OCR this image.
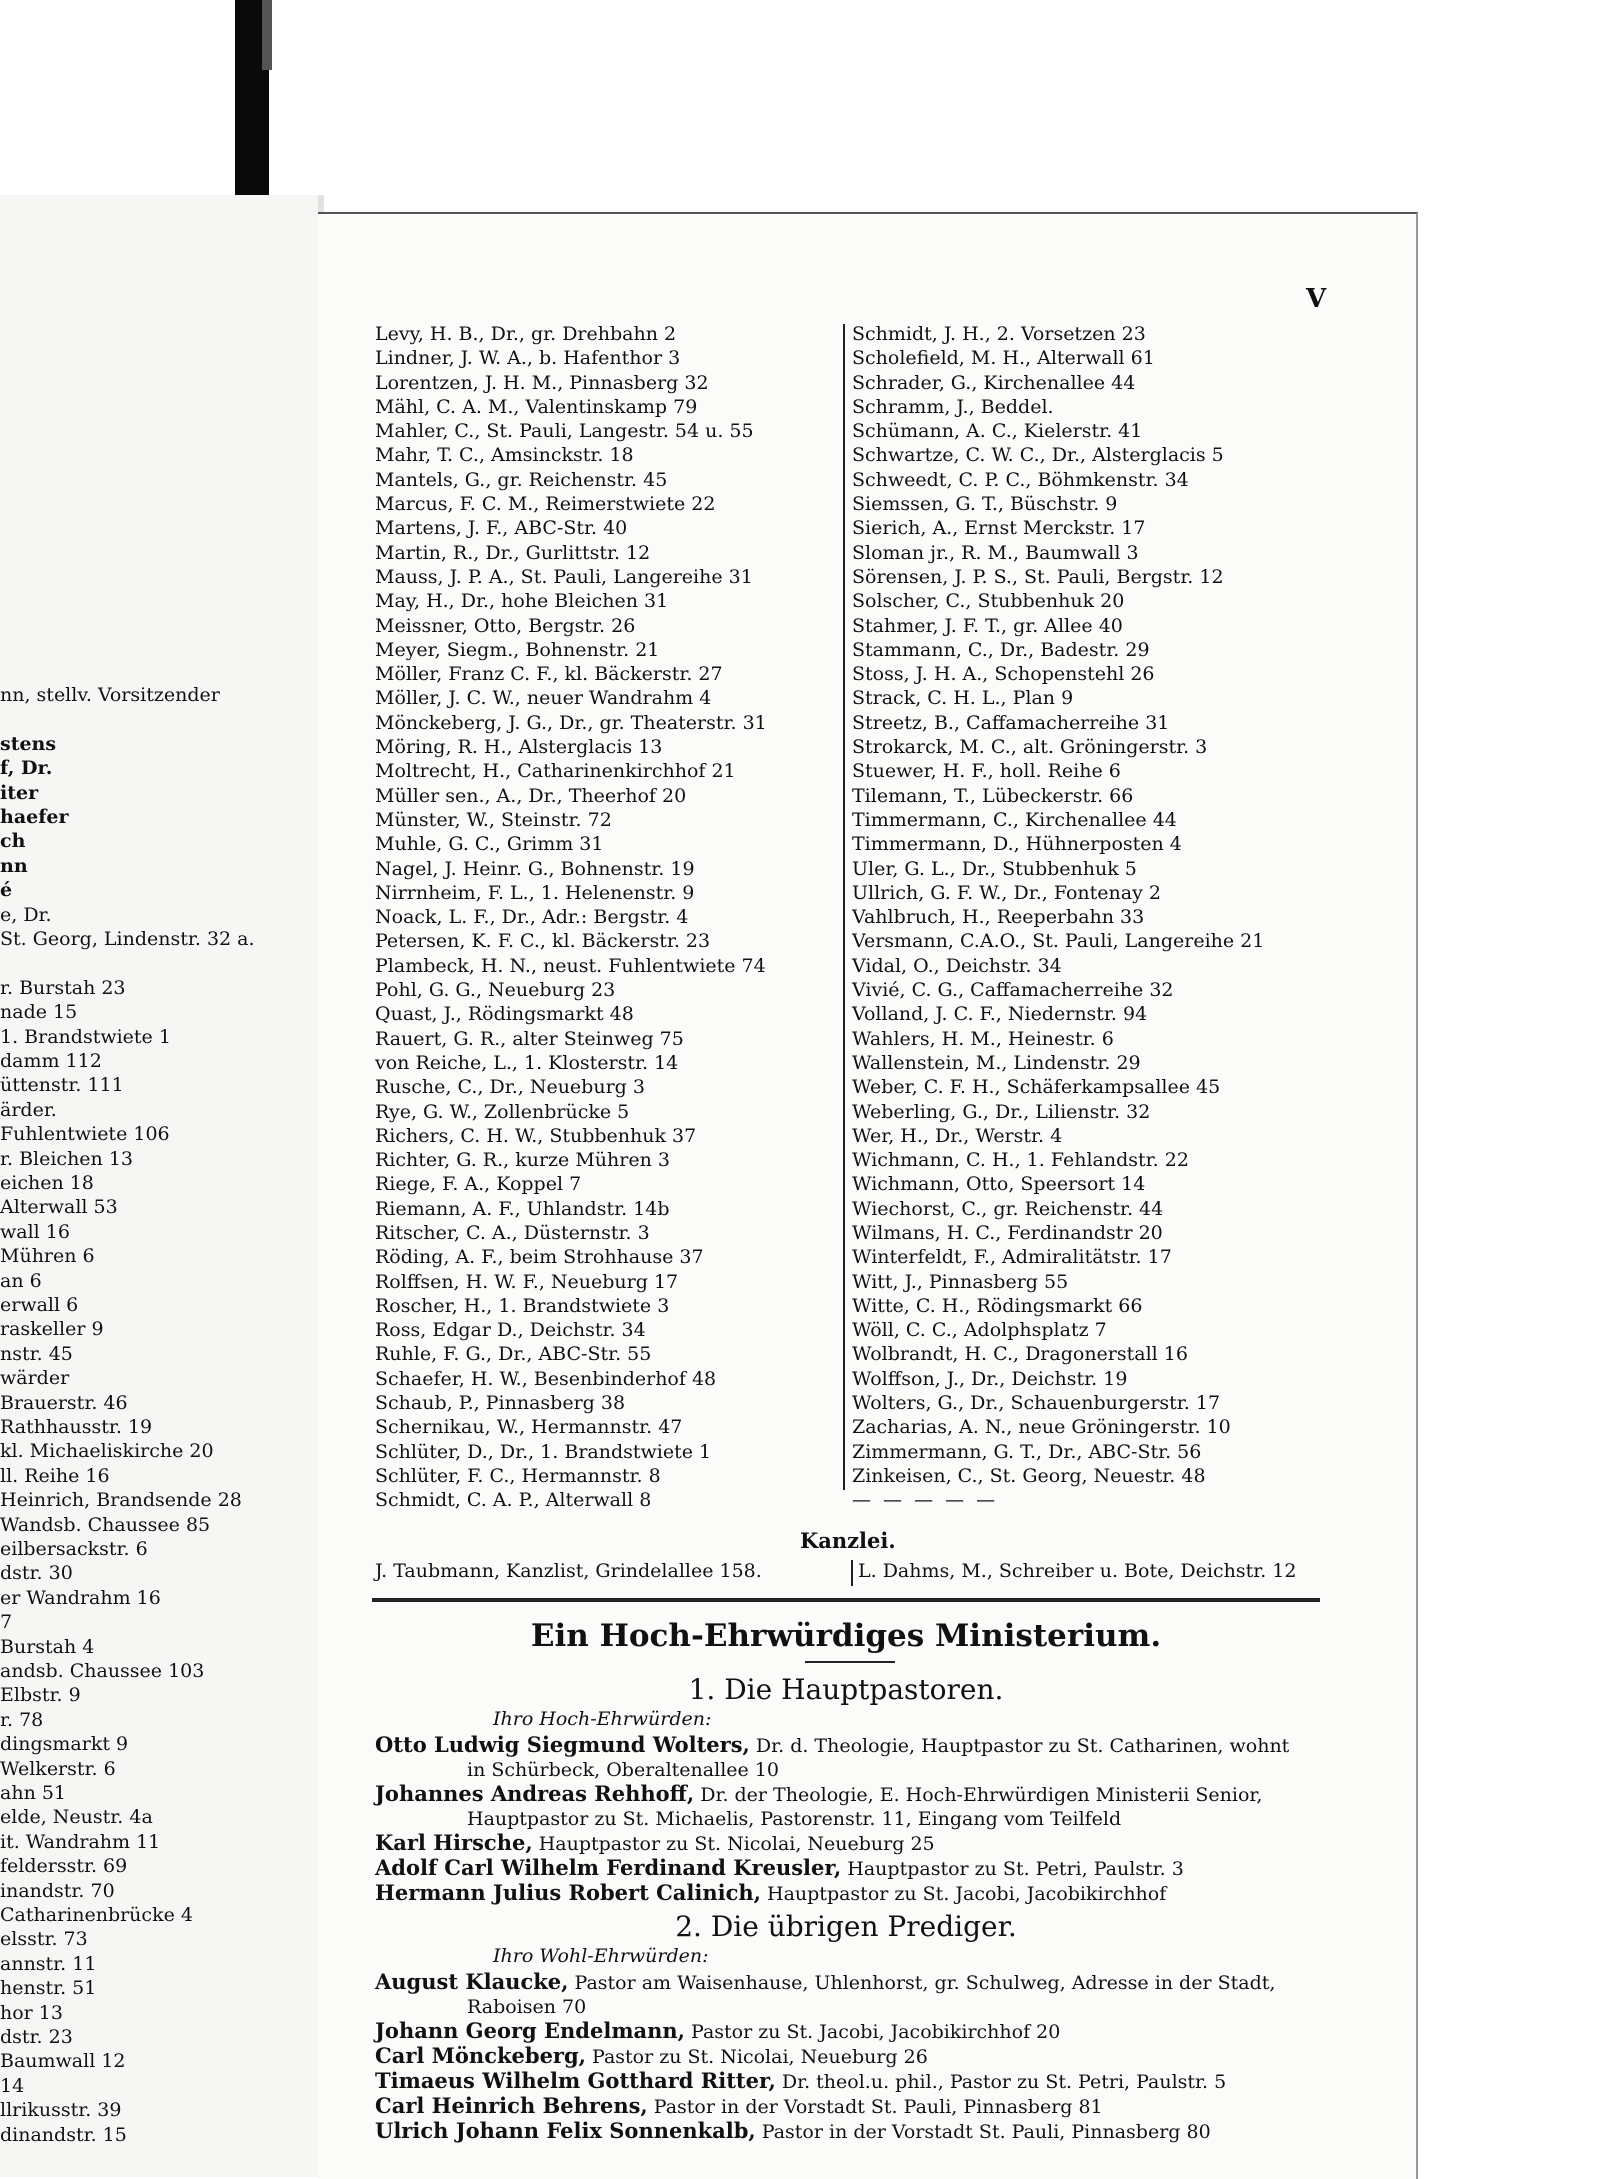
nn, stellv. Vorsitzender
stens
f, Dr.
iter
haefer
ch
nn
é
e, Dr.
St. Georg, Lindenstr. 32 a.
r. Burstah 23
nade 15
1. Brandstwiete 1
damm 112
üttenstr. 111
ärder.
Fuhlentwiete 106
r. Bleichen 13
eichen 18
Alterwall 53
wall 16
Mühren 6
an 6
erwall 6
raskeller 9
nstr. 45
wärder
Brauerstr. 46
Rathhausstr. 19
kl. Michaeliskirche 20
ll. Reihe 16
Heinrich, Brandsende 28
Wandsb. Chaussee 85
eilbersackstr. 6
dstr. 30
er Wandrahm 16
7
Burstah 4
andsb. Chaussee 103
Elbstr. 9
r. 78
dingsmarkt 9
Welkerstr. 6
ahn 51
elde, Neustr. 4a
it. Wandrahm 11
feldersstr. 69
inandstr. 70
Catharinenbrücke 4
elsstr. 73
annstr. 11
henstr. 51
hor 13
dstr. 23
Baumwall 12
14
llrikusstr. 39
dinandstr. 15
V
Levy, H. B., Dr., gr. Drehbahn 2
Lindner, J. W. A., b. Hafenthor 3
Lorentzen, J. H. M., Pinnasberg 32
Mähl, C. A. M., Valentinskamp 79
Mahler, C., St. Pauli, Langestr. 54 u. 55
Mahr, T. C., Amsinckstr. 18
Mantels, G., gr. Reichenstr. 45
Marcus, F. C. M., Reimerstwiete 22
Martens, J. F., ABC-Str. 40
Martin, R., Dr., Gurlittstr. 12
Mauss, J. P. A., St. Pauli, Langereihe 31
May, H., Dr., hohe Bleichen 31
Meissner, Otto, Bergstr. 26
Meyer, Siegm., Bohnenstr. 21
Möller, Franz C. F., kl. Bäckerstr. 27
Möller, J. C. W., neuer Wandrahm 4
Mönckeberg, J. G., Dr., gr. Theaterstr. 31
Möring, R. H., Alsterglacis 13
Moltrecht, H., Catharinenkirchhof 21
Müller sen., A., Dr., Theerhof 20
Münster, W., Steinstr. 72
Muhle, G. C., Grimm 31
Nagel, J. Heinr. G., Bohnenstr. 19
Nirrnheim, F. L., 1. Helenenstr. 9
Noack, L. F., Dr., Adr.: Bergstr. 4
Petersen, K. F. C., kl. Bäckerstr. 23
Plambeck, H. N., neust. Fuhlentwiete 74
Pohl, G. G., Neueburg 23
Quast, J., Rödingsmarkt 48
Rauert, G. R., alter Steinweg 75
von Reiche, L., 1. Klosterstr. 14
Rusche, C., Dr., Neueburg 3
Rye, G. W., Zollenbrücke 5
Richers, C. H. W., Stubbenhuk 37
Richter, G. R., kurze Mühren 3
Riege, F. A., Koppel 7
Riemann, A. F., Uhlandstr. 14b
Ritscher, C. A., Düsternstr. 3
Röding, A. F., beim Strohhause 37
Rolffsen, H. W. F., Neueburg 17
Roscher, H., 1. Brandstwiete 3
Ross, Edgar D., Deichstr. 34
Ruhle, F. G., Dr., ABC-Str. 55
Schaefer, H. W., Besenbinderhof 48
Schaub, P., Pinnasberg 38
Schernikau, W., Hermannstr. 47
Schlüter, D., Dr., 1. Brandstwiete 1
Schlüter, F. C., Hermannstr. 8
Schmidt, C. A. P., Alterwall 8
Schmidt, J. H., 2. Vorsetzen 23
Scholefield, M. H., Alterwall 61
Schrader, G., Kirchenallee 44
Schramm, J., Beddel.
Schümann, A. C., Kielerstr. 41
Schwartze, C. W. C., Dr., Alsterglacis 5
Schweedt, C. P. C., Böhmkenstr. 34
Siemssen, G. T., Büschstr. 9
Sierich, A., Ernst Merckstr. 17
Sloman jr., R. M., Baumwall 3
Sörensen, J. P. S., St. Pauli, Bergstr. 12
Solscher, C., Stubbenhuk 20
Stahmer, J. F. T., gr. Allee 40
Stammann, C., Dr., Badestr. 29
Stoss, J. H. A., Schopenstehl 26
Strack, C. H. L., Plan 9
Streetz, B., Caffamacherreihe 31
Strokarck, M. C., alt. Gröningerstr. 3
Stuewer, H. F., holl. Reihe 6
Tilemann, T., Lübeckerstr. 66
Timmermann, C., Kirchenallee 44
Timmermann, D., Hühnerposten 4
Uler, G. L., Dr., Stubbenhuk 5
Ullrich, G. F. W., Dr., Fontenay 2
Vahlbruch, H., Reeperbahn 33
Versmann, C.A.O., St. Pauli, Langereihe 21
Vidal, O., Deichstr. 34
Vivié, C. G., Caffamacherreihe 32
Volland, J. C. F., Niedernstr. 94
Wahlers, H. M., Heinestr. 6
Wallenstein, M., Lindenstr. 29
Weber, C. F. H., Schäferkampsallee 45
Weberling, G., Dr., Lilienstr. 32
Wer, H., Dr., Werstr. 4
Wichmann, C. H., 1. Fehlandstr. 22
Wichmann, Otto, Speersort 14
Wiechorst, C., gr. Reichenstr. 44
Wilmans, H. C., Ferdinandstr 20
Winterfeldt, F., Admiralitätstr. 17
Witt, J., Pinnasberg 55
Witte, C. H., Rödingsmarkt 66
Wöll, C. C., Adolphsplatz 7
Wolbrandt, H. C., Dragonerstall 16
Wolffson, J., Dr., Deichstr. 19
Wolters, G., Dr., Schauenburgerstr. 17
Zacharias, A. N., neue Gröningerstr. 10
Zimmermann, G. T., Dr., ABC-Str. 56
Zinkeisen, C., St. Georg, Neuestr. 48
— — — — —
Kanzlei.
J. Taubmann, Kanzlist, Grindelallee 158.	L. Dahms, M., Schreiber u. Bote, Deichstr. 12
Ein Hoch-Ehrwürdiges Ministerium.
1. Die Hauptpastoren.
Ihro Hoch-Ehrwürden:
Otto Ludwig Siegmund Wolters, Dr. d. Theologie, Hauptpastor zu St. Catharinen, wohnt
in Schürbeck, Oberaltenallee 10
Johannes Andreas Rehhoff, Dr. der Theologie, E. Hoch-Ehrwürdigen Ministerii Senior,
Hauptpastor zu St. Michaelis, Pastorenstr. 11, Eingang vom Teilfeld
Karl Hirsche, Hauptpastor zu St. Nicolai, Neueburg 25
Adolf Carl Wilhelm Ferdinand Kreusler, Hauptpastor zu St. Petri, Paulstr. 3
Hermann Julius Robert Calinich, Hauptpastor zu St. Jacobi, Jacobikirchhof
2. Die übrigen Prediger.
Ihro Wohl-Ehrwürden:
August Klaucke, Pastor am Waisenhause, Uhlenhorst, gr. Schulweg, Adresse in der Stadt,
Raboisen 70
Johann Georg Endelmann, Pastor zu St. Jacobi, Jacobikirchhof 20
Carl Mönckeberg, Pastor zu St. Nicolai, Neueburg 26
Timaeus Wilhelm Gotthard Ritter, Dr. theol.u. phil., Pastor zu St. Petri, Paulstr. 5
Carl Heinrich Behrens, Pastor in der Vorstadt St. Pauli, Pinnasberg 81
Ulrich Johann Felix Sonnenkalb, Pastor in der Vorstadt St. Pauli, Pinnasberg 80
